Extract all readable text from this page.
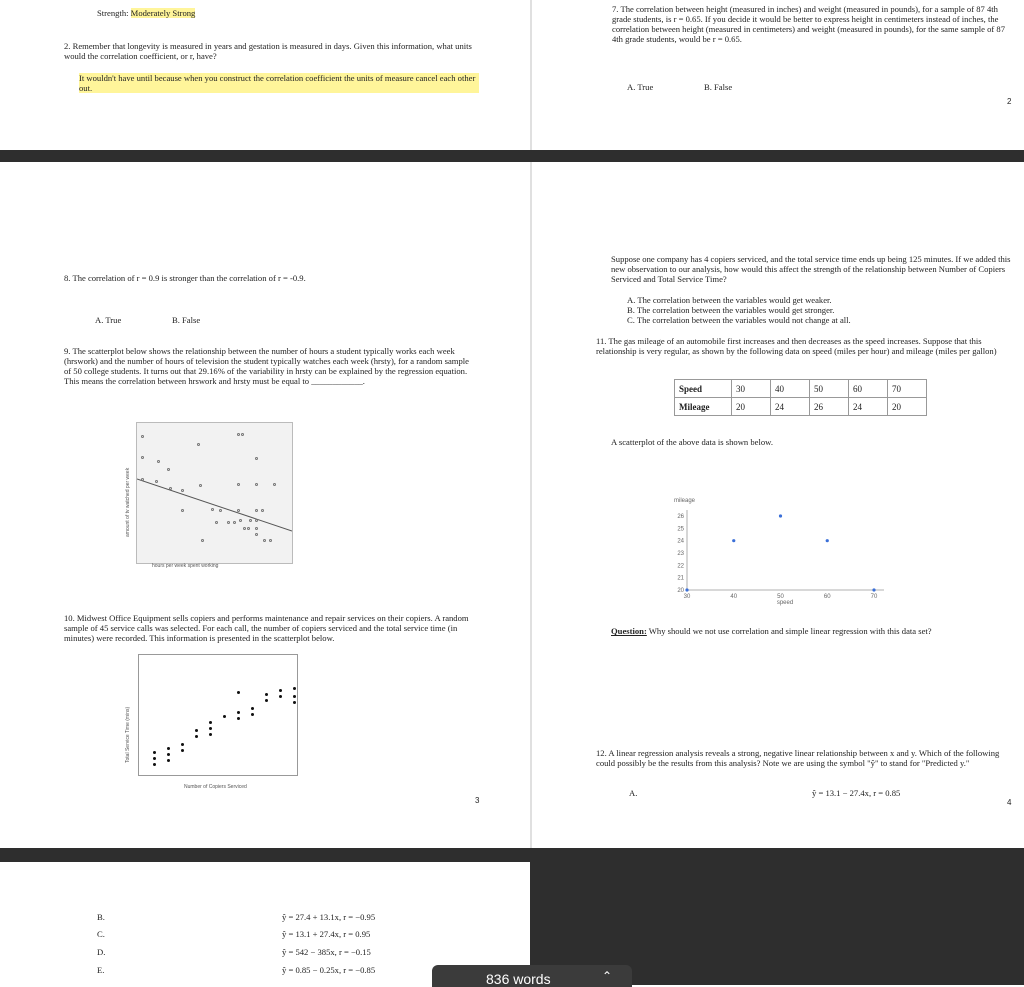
Strength: Moderately Strong
2. Remember that longevity is measured in years and gestation is measured in days. Given this information, what units would the correlation coefficient, or r, have?
It wouldn't have until because when you construct the correlation coefficient the units of measure cancel each other out.
7. The correlation between height (measured in inches) and weight (measured in pounds), for a sample of 87 4th grade students, is r = 0.65. If you decide it would be better to express height in centimeters instead of inches, the correlation between height (measured in centimeters) and weight (measured in pounds), for the same sample of 87 4th grade students, would be r = 0.65.
A. True	B. False
2
8. The correlation of r = 0.9 is stronger than the correlation of r = -0.9.
A. True	B. False
9. The scatterplot below shows the relationship between the number of hours a student typically works each week (hrswork) and the number of hours of television the student typically watches each week (hrsty), for a random sample of 50 college students. It turns out that 29.16% of the variability in hrsty can be explained by the regression equation. This means the correlation between hrswork and hrsty must be equal to ____________.
hours per week spent working
amount of tv watched per week
10. Midwest Office Equipment sells copiers and performs maintenance and repair services on their copiers. A random sample of 45 service calls was selected. For each call, the number of copiers serviced and the total service time (in minutes) were recorded. This information is presented in the scatterplot below.
Number of Copiers Serviced
Total Service Time (mins)
3
Suppose one company has 4 copiers serviced, and the total service time ends up being 125 minutes. If we added this new observation to our analysis, how would this affect the strength of the relationship between Number of Copiers Serviced and Total Service Time?
A. The correlation between the variables would get weaker.
B. The correlation between the variables would get stronger.
C. The correlation between the variables would not change at all.
11. The gas mileage of an automobile first increases and then decreases as the speed increases. Suppose that this relationship is very regular, as shown by the following data on speed (miles per hour) and mileage (miles per gallon)
Speed	30	40	50	60	70
Mileage	20	24	26	24	20
A scatterplot of the above data is shown below.
mileage
speed
20
21
22
23
24
25
26
30	40	50	60	70
Question: Why should we not use correlation and simple linear regression with this data set?
12. A linear regression analysis reveals a strong, negative linear relationship between x and y. Which of the following could possibly be the results from this analysis? Note we are using the symbol "ŷ" to stand for "Predicted y."
A.	ŷ = 13.1 − 27.4x, r = 0.85
4
B.	ŷ = 27.4 + 13.1x, r = −0.95
C.	ŷ = 13.1 + 27.4x, r = 0.95
D.	ŷ = 542 − 385x, r = −0.15
E.	ŷ = 0.85 − 0.25x, r = −0.85
836 words	⌃
